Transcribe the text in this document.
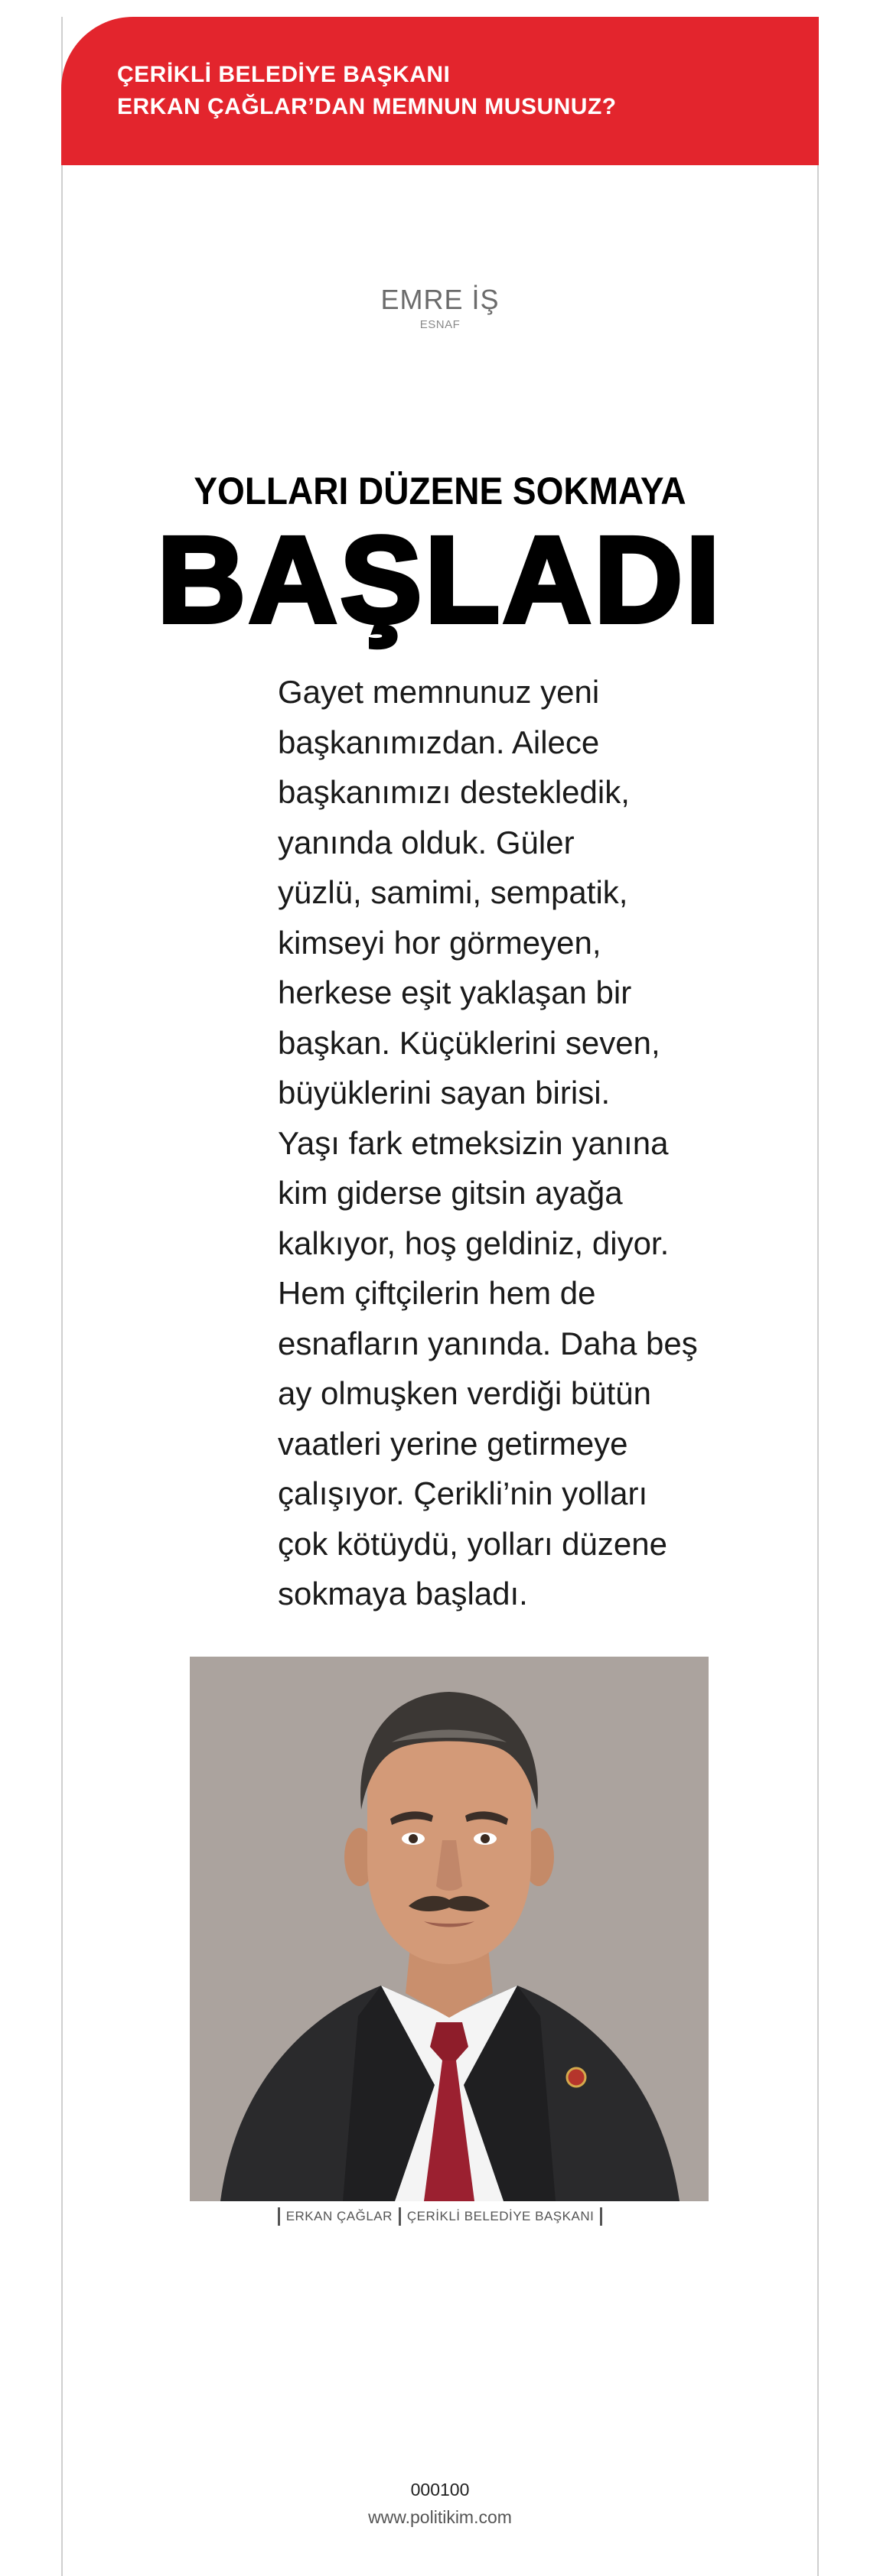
ÇERİKLİ BELEDİYE BAŞKANI
ERKAN ÇAĞLAR’DAN MEMNUN MUSUNUZ?
EMRE İŞ
ESNAF
YOLLARI DÜZENE SOKMAYA
BAŞLADI

Gayet memnunuz yeni
başkanımızdan. Ailece
başkanımızı destekledik,
yanında olduk. Güler
yüzlü, samimi, sempatik,
kimseyi hor görmeyen,
herkese eşit yaklaşan bir
başkan. Küçüklerini seven,
büyüklerini sayan birisi.
Yaşı fark etmeksizin yanına
kim giderse gitsin ayağa
kalkıyor, hoş geldiniz, diyor.
Hem çiftçilerin hem de
esnafların yanında. Daha beş
ay olmuşken verdiği bütün
vaatleri yerine getirmeye
çalışıyor. Çerikli’nin yolları
çok kötüydü, yolları düzene
sokmaya başladı.

ERKAN ÇAĞLAR ÇERİKLİ BELEDİYE BAŞKANI
000100
www.politikim.com
